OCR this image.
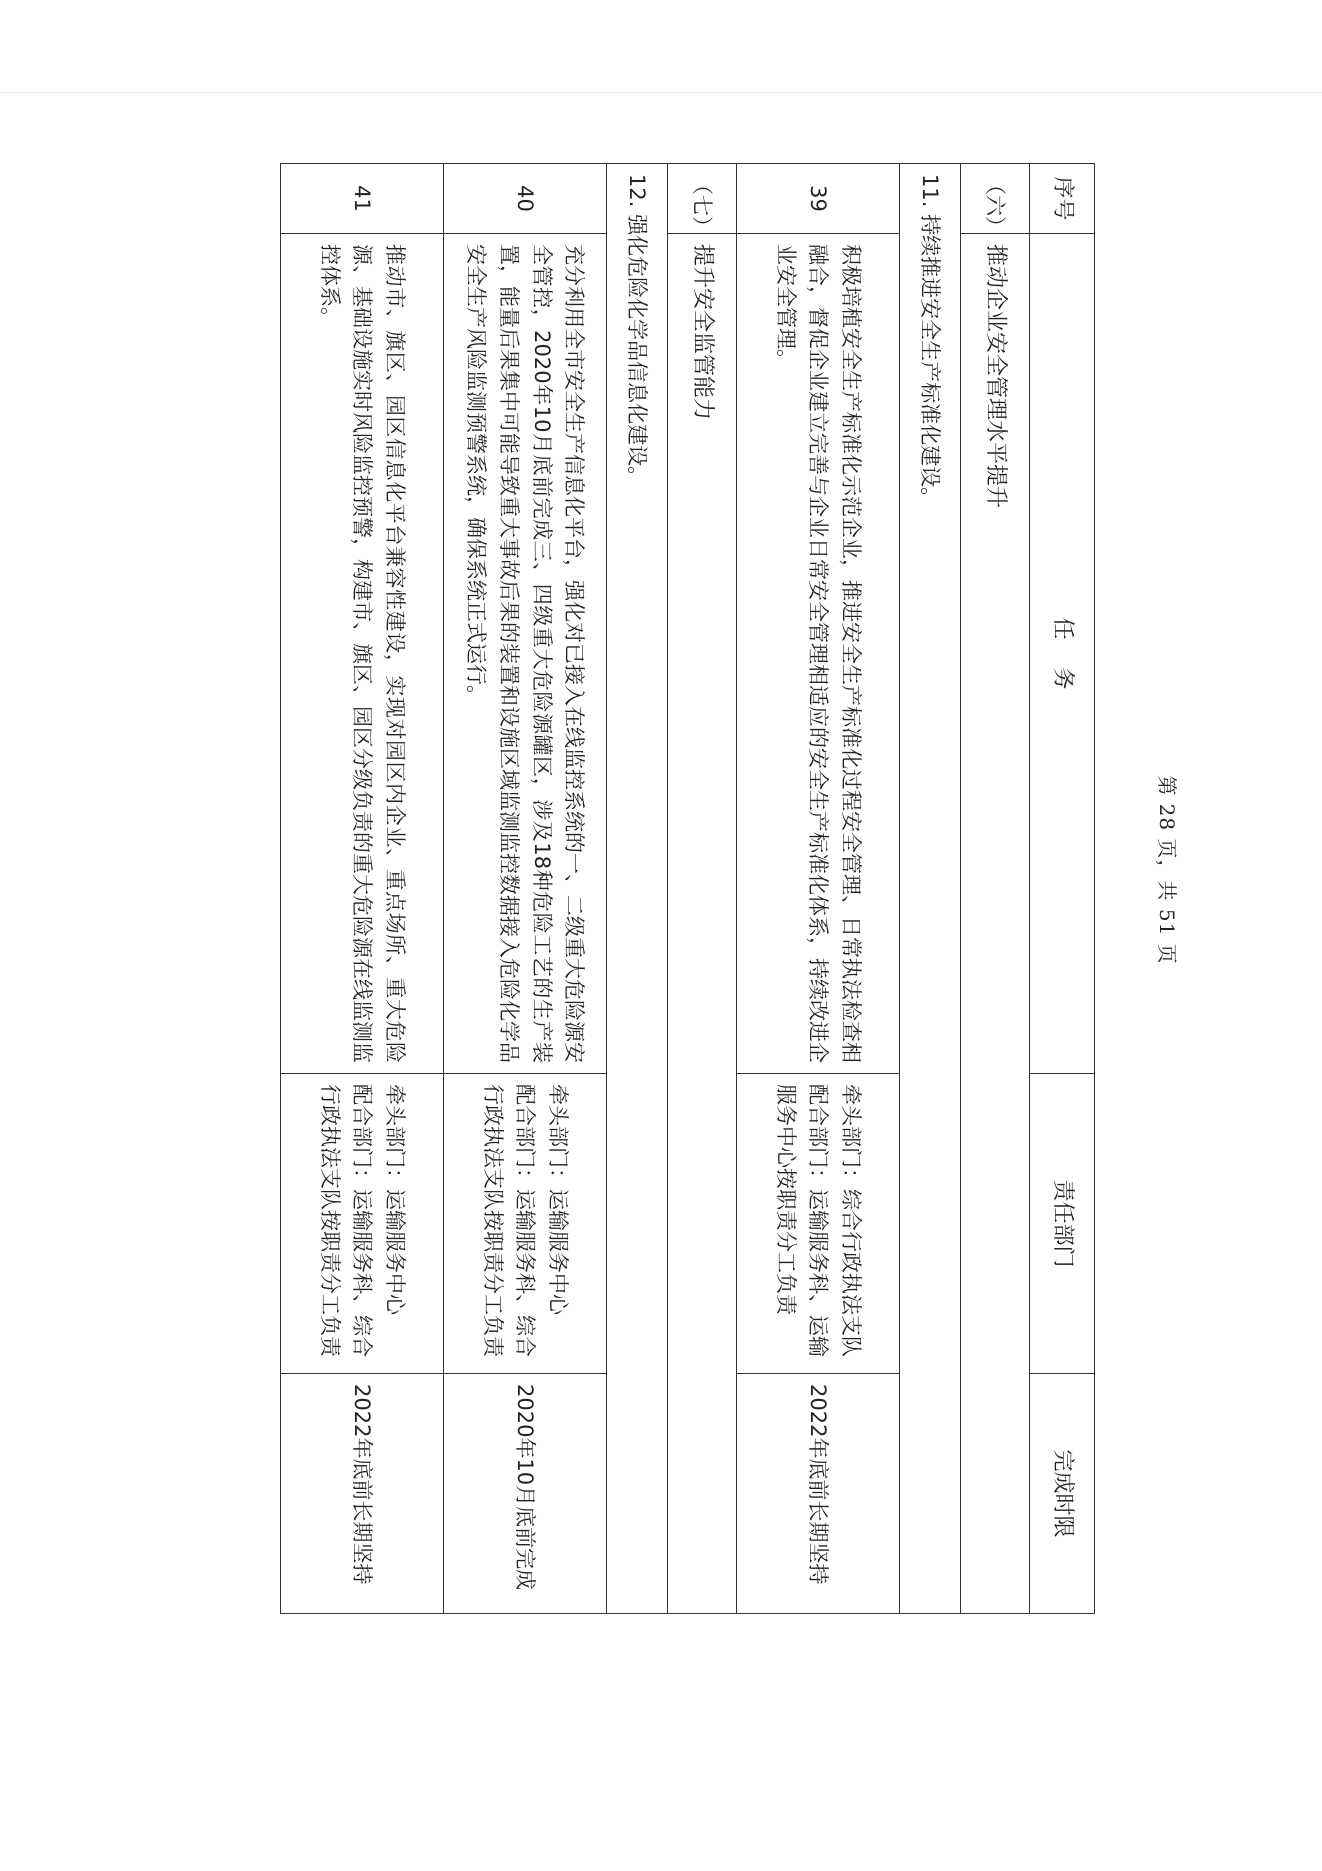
序号	任    务	责任部门	完成时限
（六）	推动企业安全管理水平提升		
11. 持续推进安全生产标准化建设。			
39	积极培植安全生产标准化示范企业，推进安全生产标准化过程安全管理、日常执法检查相融合，督促企业建立完善与企业日常安全管理相适应的安全生产标准化体系，持续改进企业安全管理。	牵头部门：综合行政执法支队
配合部门：运输服务科、运输服务中心按职责分工负责	2022年底前长期坚持
（七）	提升安全监管能力		
12. 强化危险化学品信息化建设。			
40	充分利用全市安全生产信息化平台，强化对已接入在线监控系统的一、二级重大危险源安全管控，2020年10月底前完成三、四级重大危险源罐区，涉及18种危险工艺的生产装置，能量后果集中可能导致重大事故后果的装置和设施区域监测监控数据接入危险化学品安全生产风险监测预警系统，确保系统正式运行。	牵头部门：运输服务中心
配合部门：运输服务科、综合行政执法支队按职责分工负责	2020年10月底前完成
41	推动市、旗区、园区信息化平台兼容性建设，实现对园区内企业、重点场所、重大危险源、基础设施实时风险监控预警，构建市、旗区、园区分级负责的重大危险源在线监测监控体系。	牵头部门：运输服务中心
配合部门：运输服务科、综合行政执法支队按职责分工负责	2022年底前长期坚持
第 28 页，共 51 页
